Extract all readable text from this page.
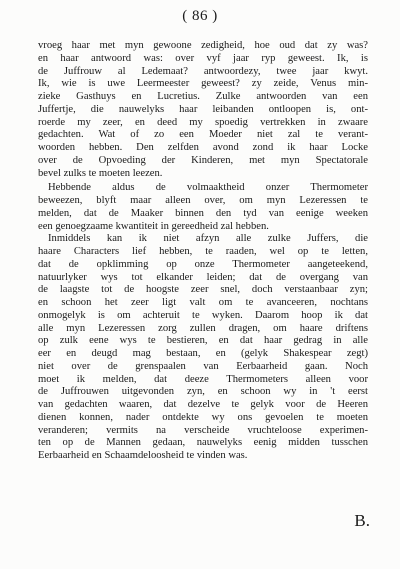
( 86 )
vroeg haar met myn gewoone zedigheid, hoe oud dat zy was?
en haar antwoord was: over vyf jaar ryp geweest. Ik, is
de Juffrouw al Ledemaat? antwoordezy, twee jaar kwyt.
Ik, wie is uwe Leermeester geweest? zy zeide, Venus min-
zieke Gasthuys en Lucretius. Zulke antwoorden van een
Juffertje, die nauwelyks haar leibanden ontloopen is, ont-
roerde my zeer, en deed my spoedig vertrekken in zwaare
gedachten. Wat of zo een Moeder niet zal te verant-
woorden hebben. Den zelfden avond zond ik haar Locke
over de Opvoeding der Kinderen, met myn Spectatorale
bevel zulks te moeten leezen.
Hebbende aldus de volmaaktheid onzer Thermometer
beweezen, blyft maar alleen over, om myn Lezeressen te
melden, dat de Maaker binnen den tyd van eenige weeken
een genoegzaame kwantiteit in gereedheid zal hebben.
Inmiddels kan ik niet afzyn alle zulke Juffers, die
haare Characters lief hebben, te raaden, wel op te letten,
dat de opklimming op onze Thermometer aangeteekend,
natuurlyker wys tot elkander leiden; dat de overgang van
de laagste tot de hoogste zeer snel, doch verstaanbaar zyn;
en schoon het zeer ligt valt om te avanceeren, nochtans
onmogelyk is om achteruit te wyken. Daarom hoop ik dat
alle myn Lezeressen zorg zullen dragen, om haare driftens
op zulk eene wys te bestieren, en dat haar gedrag in alle
eer en deugd mag bestaan, en (gelyk Shakespear zegt)
niet over de grenspaalen van Eerbaarheid gaan. Noch
moet ik melden, dat deeze Thermometers alleen voor
de Juffrouwen uitgevonden zyn, en schoon wy in 't eerst
van gedachten waaren, dat dezelve te gelyk voor de Heeren
dienen konnen, nader ontdekte wy ons gevoelen te moeten
veranderen; vermits na verscheide vruchteloose experimen-
ten op de Mannen gedaan, nauwelyks eenig midden tusschen
Eerbaarheid en Schaamdeloosheid te vinden was.
B.
